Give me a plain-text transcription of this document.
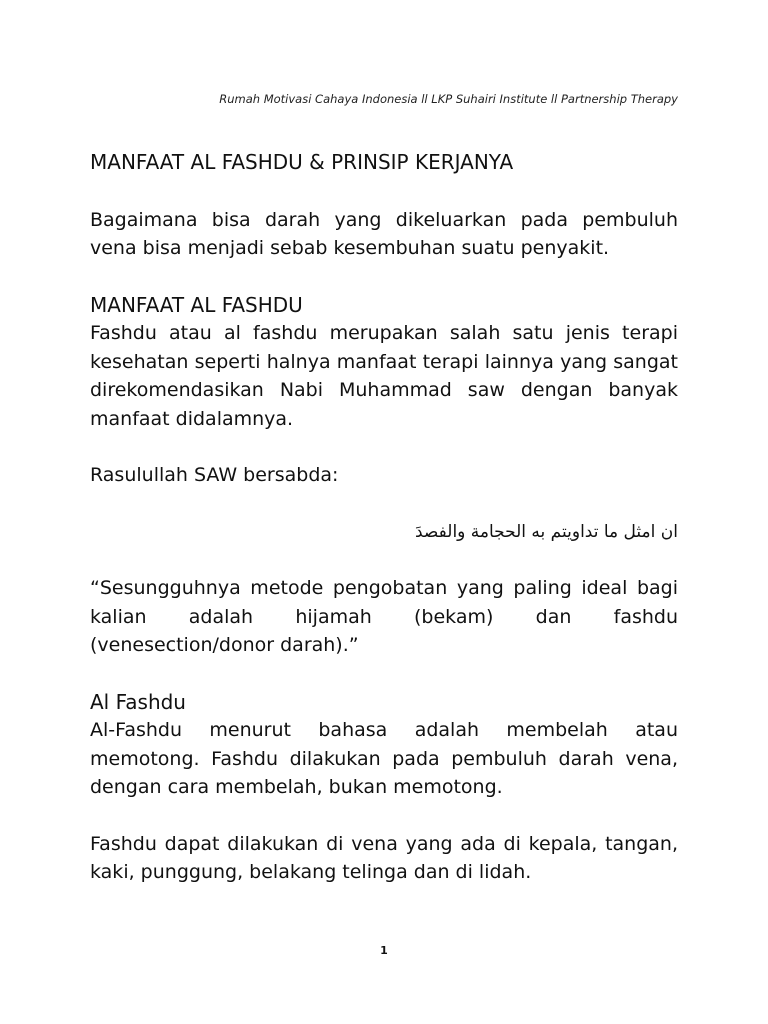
Rumah Motivasi Cahaya Indonesia ll LKP Suhairi Institute ll Partnership Therapy
MANFAAT AL FASHDU & PRINSIP KERJANYA

Bagaimana bisa darah yang dikeluarkan pada pembuluh vena bisa menjadi sebab kesembuhan suatu penyakit.

MANFAAT AL FASHDU

Fashdu atau al fashdu merupakan salah satu jenis terapi kesehatan seperti halnya manfaat terapi lainnya yang sangat direkomendasikan Nabi Muhammad saw dengan banyak manfaat didalamnya.

Rasulullah SAW bersabda:

ان امثل ما تداويتم به الحجامة والفصدَ

“Sesungguhnya metode pengobatan yang paling ideal bagi kalian adalah hijamah (bekam) dan fashdu (venesection/donor darah).”

Al Fashdu

Al-Fashdu menurut bahasa adalah membelah atau memotong. Fashdu dilakukan pada pembuluh darah vena, dengan cara membelah, bukan memotong.

Fashdu dapat dilakukan di vena yang ada di kepala, tangan, kaki, punggung, belakang telinga dan di lidah.

1
